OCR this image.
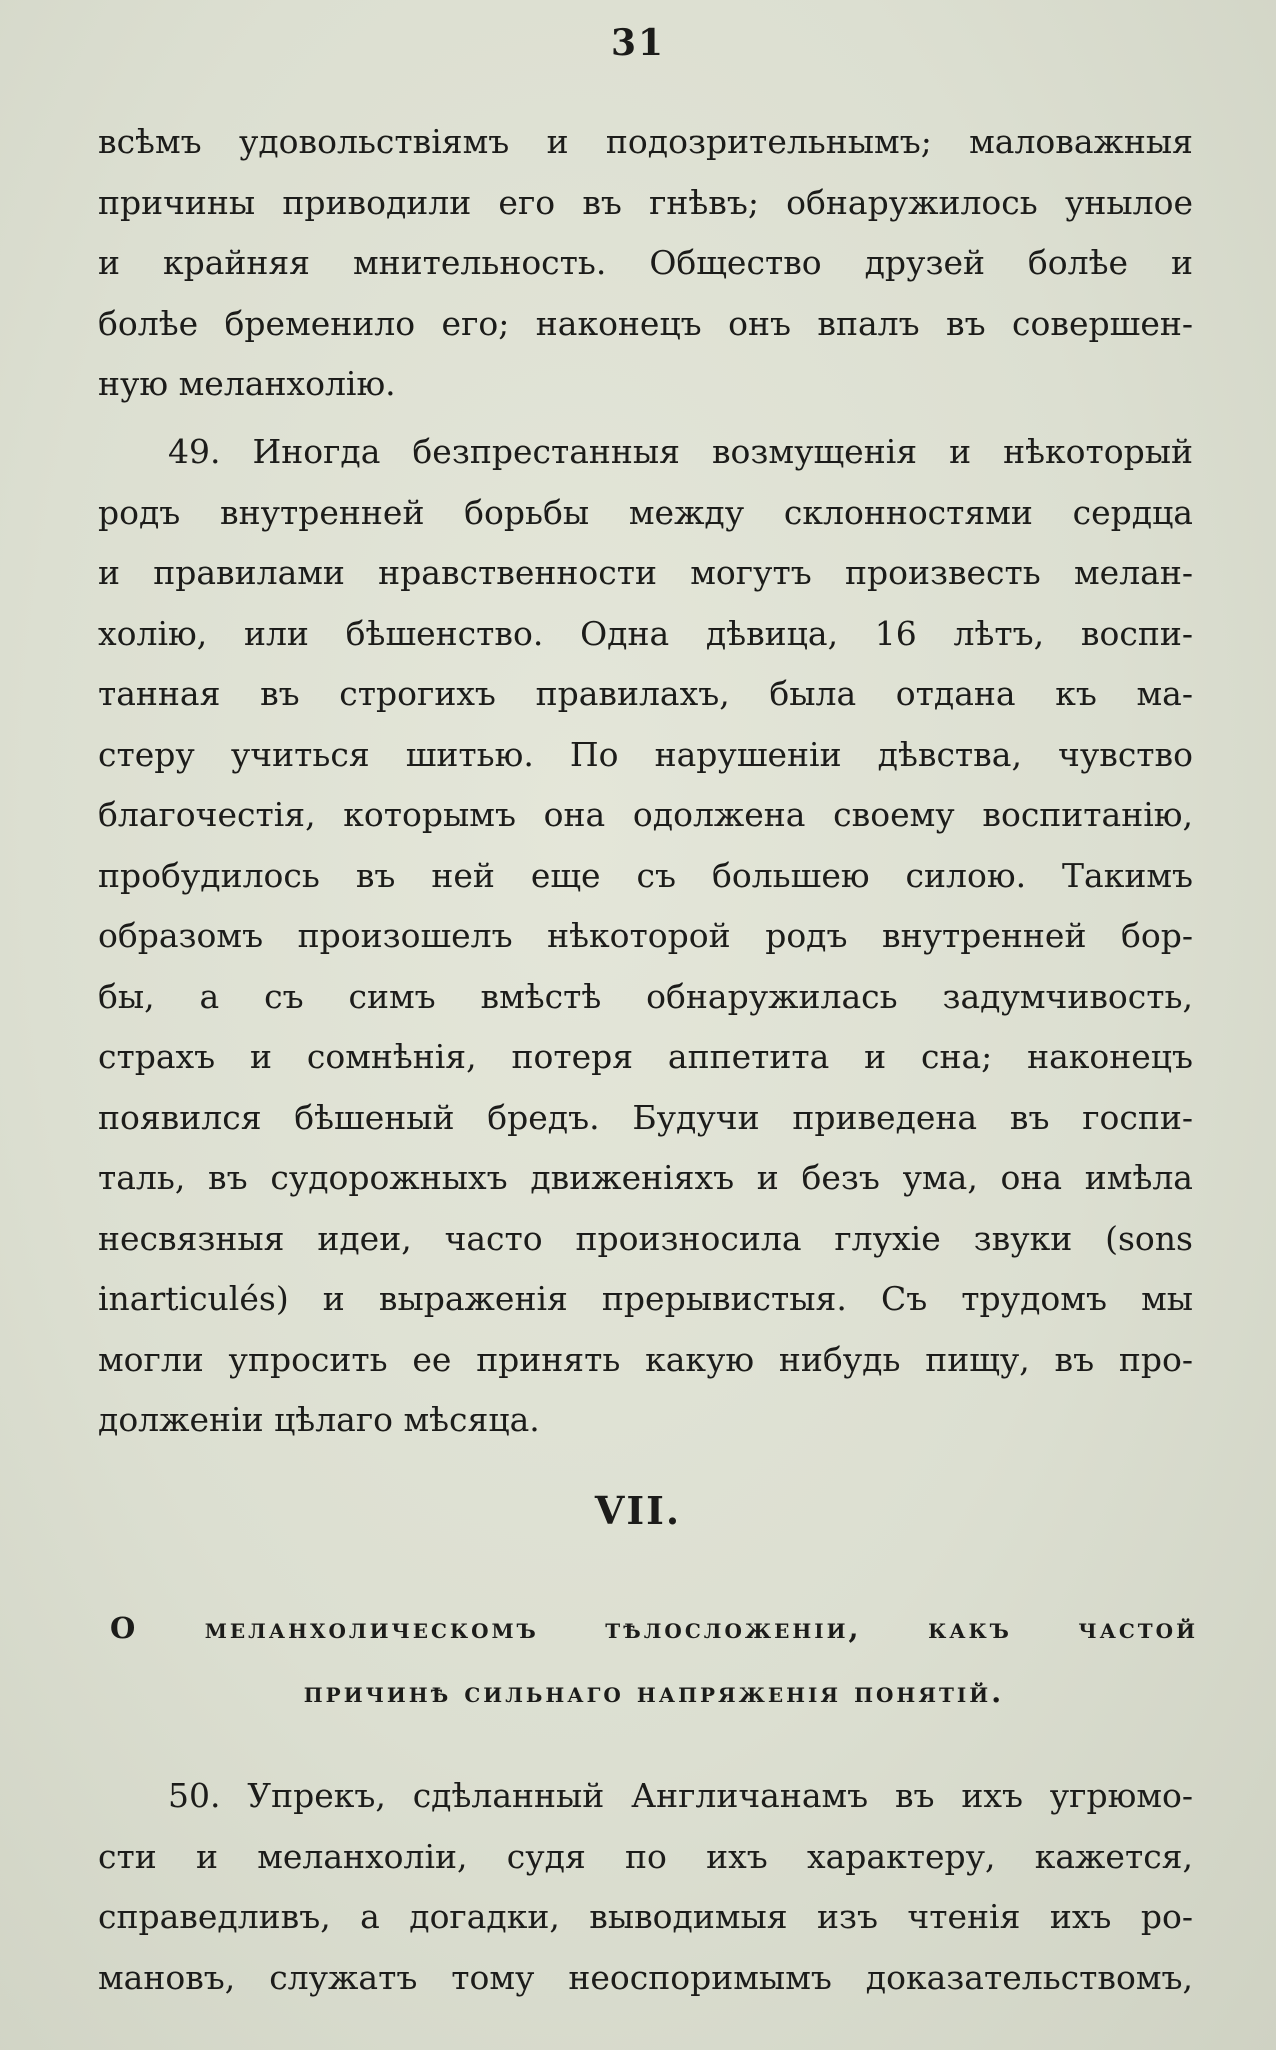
31
всѣмъ удовольствіямъ и подозрительнымъ; маловажныя
причины приводили его въ гнѣвъ; обнаружилось унылое
и крайняя мнительность. Общество друзей болѣе и
болѣе бременило его; наконецъ онъ впалъ въ совершен-
ную меланхолію.
49. Иногда безпрестанныя возмущенія и нѣкоторый
родъ внутренней борьбы между склонностями сердца
и правилами нравственности могутъ произвесть мелан-
холію, или бѣшенство. Одна дѣвица, 16 лѣтъ, воспи-
танная въ строгихъ правилахъ, была отдана къ ма-
стеру учиться шитью. По нарушеніи дѣвства, чувство
благочестія, которымъ она одолжена своему воспитанію,
пробудилось въ ней еще съ большею силою. Такимъ
образомъ произошелъ нѣкоторой родъ внутренней бор-
бы, а съ симъ вмѣстѣ обнаружилась задумчивость,
страхъ и сомнѣнія, потеря аппетита и сна; наконецъ
появился бѣшеный бредъ. Будучи приведена въ госпи-
таль, въ судорожныхъ движеніяхъ и безъ ума, она имѣла
несвязныя идеи, часто произносила глухіе звуки (sons
inarticulés) и выраженія прерывистыя. Съ трудомъ мы
могли упросить ее принять какую нибудь пищу, въ про-
долженіи цѣлаго мѣсяца.
VII.
О меланхолическомъ тѣлосложеніи, какъ частой
причинѣ сильнаго напряженія понятій.
50. Упрекъ, сдѣланный Англичанамъ въ ихъ угрюмо-
сти и меланхоліи, судя по ихъ характеру, кажется,
справедливъ, а догадки, выводимыя изъ чтенія ихъ ро-
мановъ, служатъ тому неоспоримымъ доказательствомъ,
